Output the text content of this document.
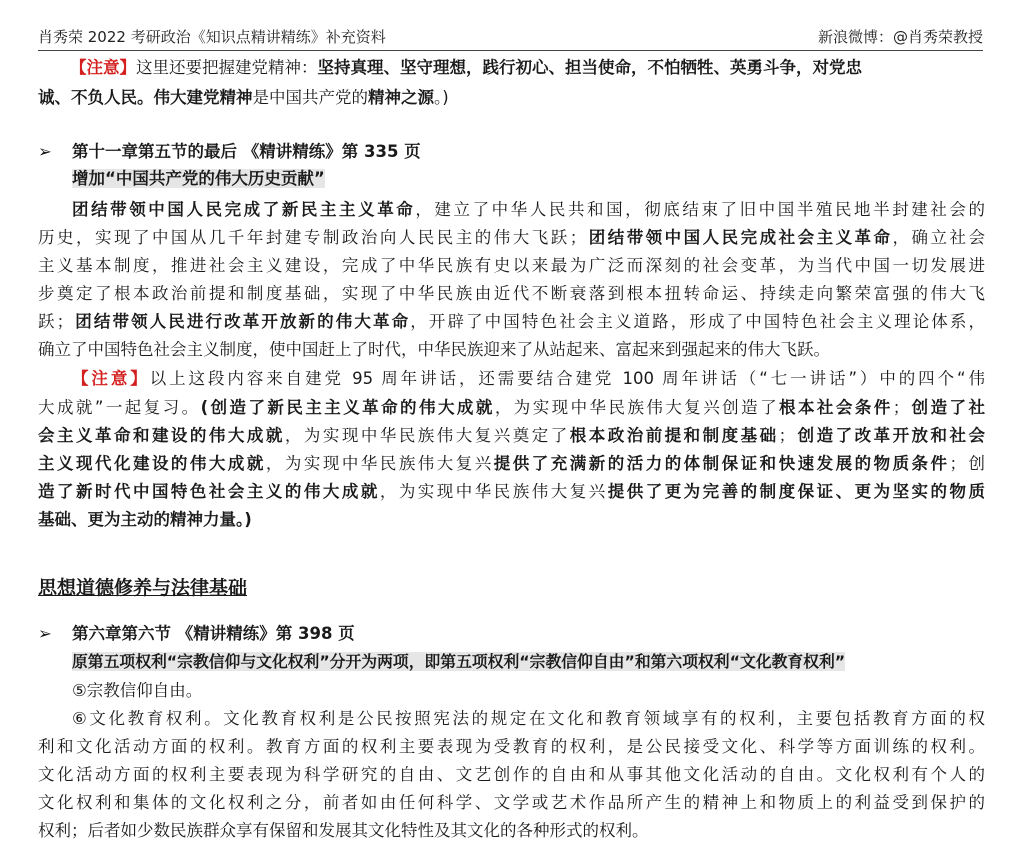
肖秀荣 2022 考研政治《知识点精讲精练》补充资料	新浪微博：@肖秀荣教授
【注意】这里还要把握建党精神：坚持真理、坚守理想，践行初心、担当使命，不怕牺牲、英勇斗争，对党忠
诚、不负人民。伟大建党精神是中国共产党的精神之源。)
➢ 第十一章第五节的最后 《精讲精练》第 335 页
增加“中国共产党的伟大历史贡献”
团结带领中国人民完成了新民主主义革命，建立了中华人民共和国，彻底结束了旧中国半殖民地半封建社会的
历史，实现了中国从几千年封建专制政治向人民民主的伟大飞跃；团结带领中国人民完成社会主义革命，确立社会
主义基本制度，推进社会主义建设，完成了中华民族有史以来最为广泛而深刻的社会变革，为当代中国一切发展进
步奠定了根本政治前提和制度基础，实现了中华民族由近代不断衰落到根本扭转命运、持续走向繁荣富强的伟大飞
跃；团结带领人民进行改革开放新的伟大革命，开辟了中国特色社会主义道路，形成了中国特色社会主义理论体系，
确立了中国特色社会主义制度，使中国赶上了时代，中华民族迎来了从站起来、富起来到强起来的伟大飞跃。
【注意】以上这段内容来自建党 95 周年讲话，还需要结合建党 100 周年讲话（“七一讲话”）中的四个“伟
大成就”一起复习。(创造了新民主主义革命的伟大成就，为实现中华民族伟大复兴创造了根本社会条件；创造了社
会主义革命和建设的伟大成就，为实现中华民族伟大复兴奠定了根本政治前提和制度基础；创造了改革开放和社会
主义现代化建设的伟大成就，为实现中华民族伟大复兴提供了充满新的活力的体制保证和快速发展的物质条件；创
造了新时代中国特色社会主义的伟大成就，为实现中华民族伟大复兴提供了更为完善的制度保证、更为坚实的物质
基础、更为主动的精神力量。)
思想道德修养与法律基础
➢ 第六章第六节 《精讲精练》第 398 页
原第五项权利“宗教信仰与文化权利”分开为两项，即第五项权利“宗教信仰自由”和第六项权利“文化教育权利”
⑤宗教信仰自由。
⑥文化教育权利。文化教育权利是公民按照宪法的规定在文化和教育领域享有的权利，主要包括教育方面的权
利和文化活动方面的权利。教育方面的权利主要表现为受教育的权利，是公民接受文化、科学等方面训练的权利。
文化活动方面的权利主要表现为科学研究的自由、文艺创作的自由和从事其他文化活动的自由。文化权利有个人的
文化权利和集体的文化权利之分，前者如由任何科学、文学或艺术作品所产生的精神上和物质上的利益受到保护的
权利；后者如少数民族群众享有保留和发展其文化特性及其文化的各种形式的权利。
